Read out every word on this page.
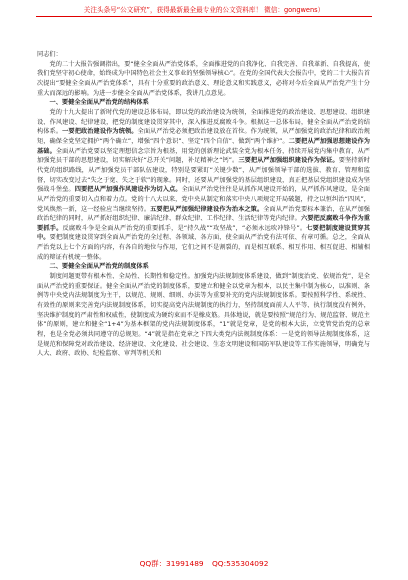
关注头条号“公文研究”，获得最新最全最专业的公文资料库！ 微信：gongwens）

同志们：

党的二十大报告强调指出，要“健全全面从严治党体系，全面推进党的自我净化、自我完善、自我革新、自我提高，使我们党坚守初心使命，始终成为中国特色社会主义事业的坚强领导核心”。在党的全国代表大会报告中，党的二十大报告首次提出“要健全全面从严治党体系”，具有十分重要的政治意义、理论意义和实践意义，必将对今后全面从严治党产生十分重大而深远的影响。为进一步健全全面从严治党体系，我讲几点意见。

一、要健全全面从严治党的结构体系

党的十九大提出了新时代党的建设总体布局，即以党的政治建设为统领，全面推进党的政治建设、思想建设、组织建设、作风建设、纪律建设，把党的制度建设贯穿其中，深入推进反腐败斗争。根据这一总体布局，健全全面从严治党的结构体系。一要把政治建设作为统领。全面从严治党必须把政治建设放在首位。作为统领，从严加强党的政治纪律和政治规矩，确保全党坚定拥护“两个确立”，增强“四个意识”、坚定“四个自信”、做到“两个维护”。二要把从严加强思想建设作为基础。全面从严治党要以坚定理想信念宗旨为根基，用党的创新理论武装全党为根本任务，持续开展党内集中教育，从严加强党员干部的思想建设，切实解决好“总开关”问题，补足精神之“钙”。三要把从严加强组织建设作为保证。要坚持新时代党的组织路线，从严加强党员干部队伍建设，特别是要紧盯“关键少数”，从严加强领导干部的选拔、教育、管理和监督，切实改变过去“失之于宽、失之于软”的现象。同时，还要从严加强党的基层组织建设，真正把基层党组织建设成为坚强战斗堡垒。四要把从严加强作风建设作为切入点。全面从严治党往往是从抓作风建设开始的，从严抓作风建设，是全面从严治党的重要切入点和着力点。党的十八大以来，党中央从制定和落实中央八项规定开局破题，持之以恒纠治“四风”，党风焕然一新，这一经验应当继续坚持。五要把从严加强纪律建设作为治本之策。全面从严治党要标本兼治，在从严加强政治纪律的同时，从严抓好组织纪律、廉洁纪律、群众纪律、工作纪律、生活纪律等党内纪律。六要把反腐败斗争作为重要抓手。反腐败斗争是全面从严治党的重要抓手，是“持久战”“攻坚战”，“必须永远吹冲锋号”。七要把制度建设贯穿其中。要把制度建设贯穿到全面从严治党的全过程、各领域、各方面，使全面从严治党有法可依、有章可循。总之，全面从严治党以上七个方面的内容，有各自的地位与作用，它们之间不是割裂的，而是相互联系、相互作用、相互促进、相辅相成的辩证有机统一整体。

二、要健全全面从严治党的制度体系

制度问题更带有根本性、全局性、长期性和稳定性。加强党内法规制度体系建设，做到“制度治党、依规治党”，是全面从严治党的重要保证。健全全面从严治党的制度体系，要建立和健全以党章为根本，以民主集中制为核心，以准则、条例等中央党内法规制度为主干，以规范、规则、细则、办法等为重要补充的党内法规制度体系。要按照科学性、系统性、有效性的原则来完善党内法规制度体系，切实提高党内法规制度的执行力，坚持制度面前人人平等、执行制度没有例外，坚决维护制度的严肃性和权威性，使制度成为硬约束而不是橡皮筋。具体地说，就是要按照“规范行为、规范监督、规范主体”的原则，建立和健全“1+4”为基本框架的党内法规制度体系，“1”就是党章，是党的根本大法，立党管党治党的总章程，也是全党必须共同遵守的总规矩。“4”就是指在党章之下四大类党内法规制度体系：一是党的领导法规制度体系，这是规范和保障党对政治建设、经济建设、文化建设、社会建设、生态文明建设和国防军队建设等工作实施领导，明确党与人大、政府、政协、纪检监察、审判等机关和

QQ群：31991489 QQ:535304092
